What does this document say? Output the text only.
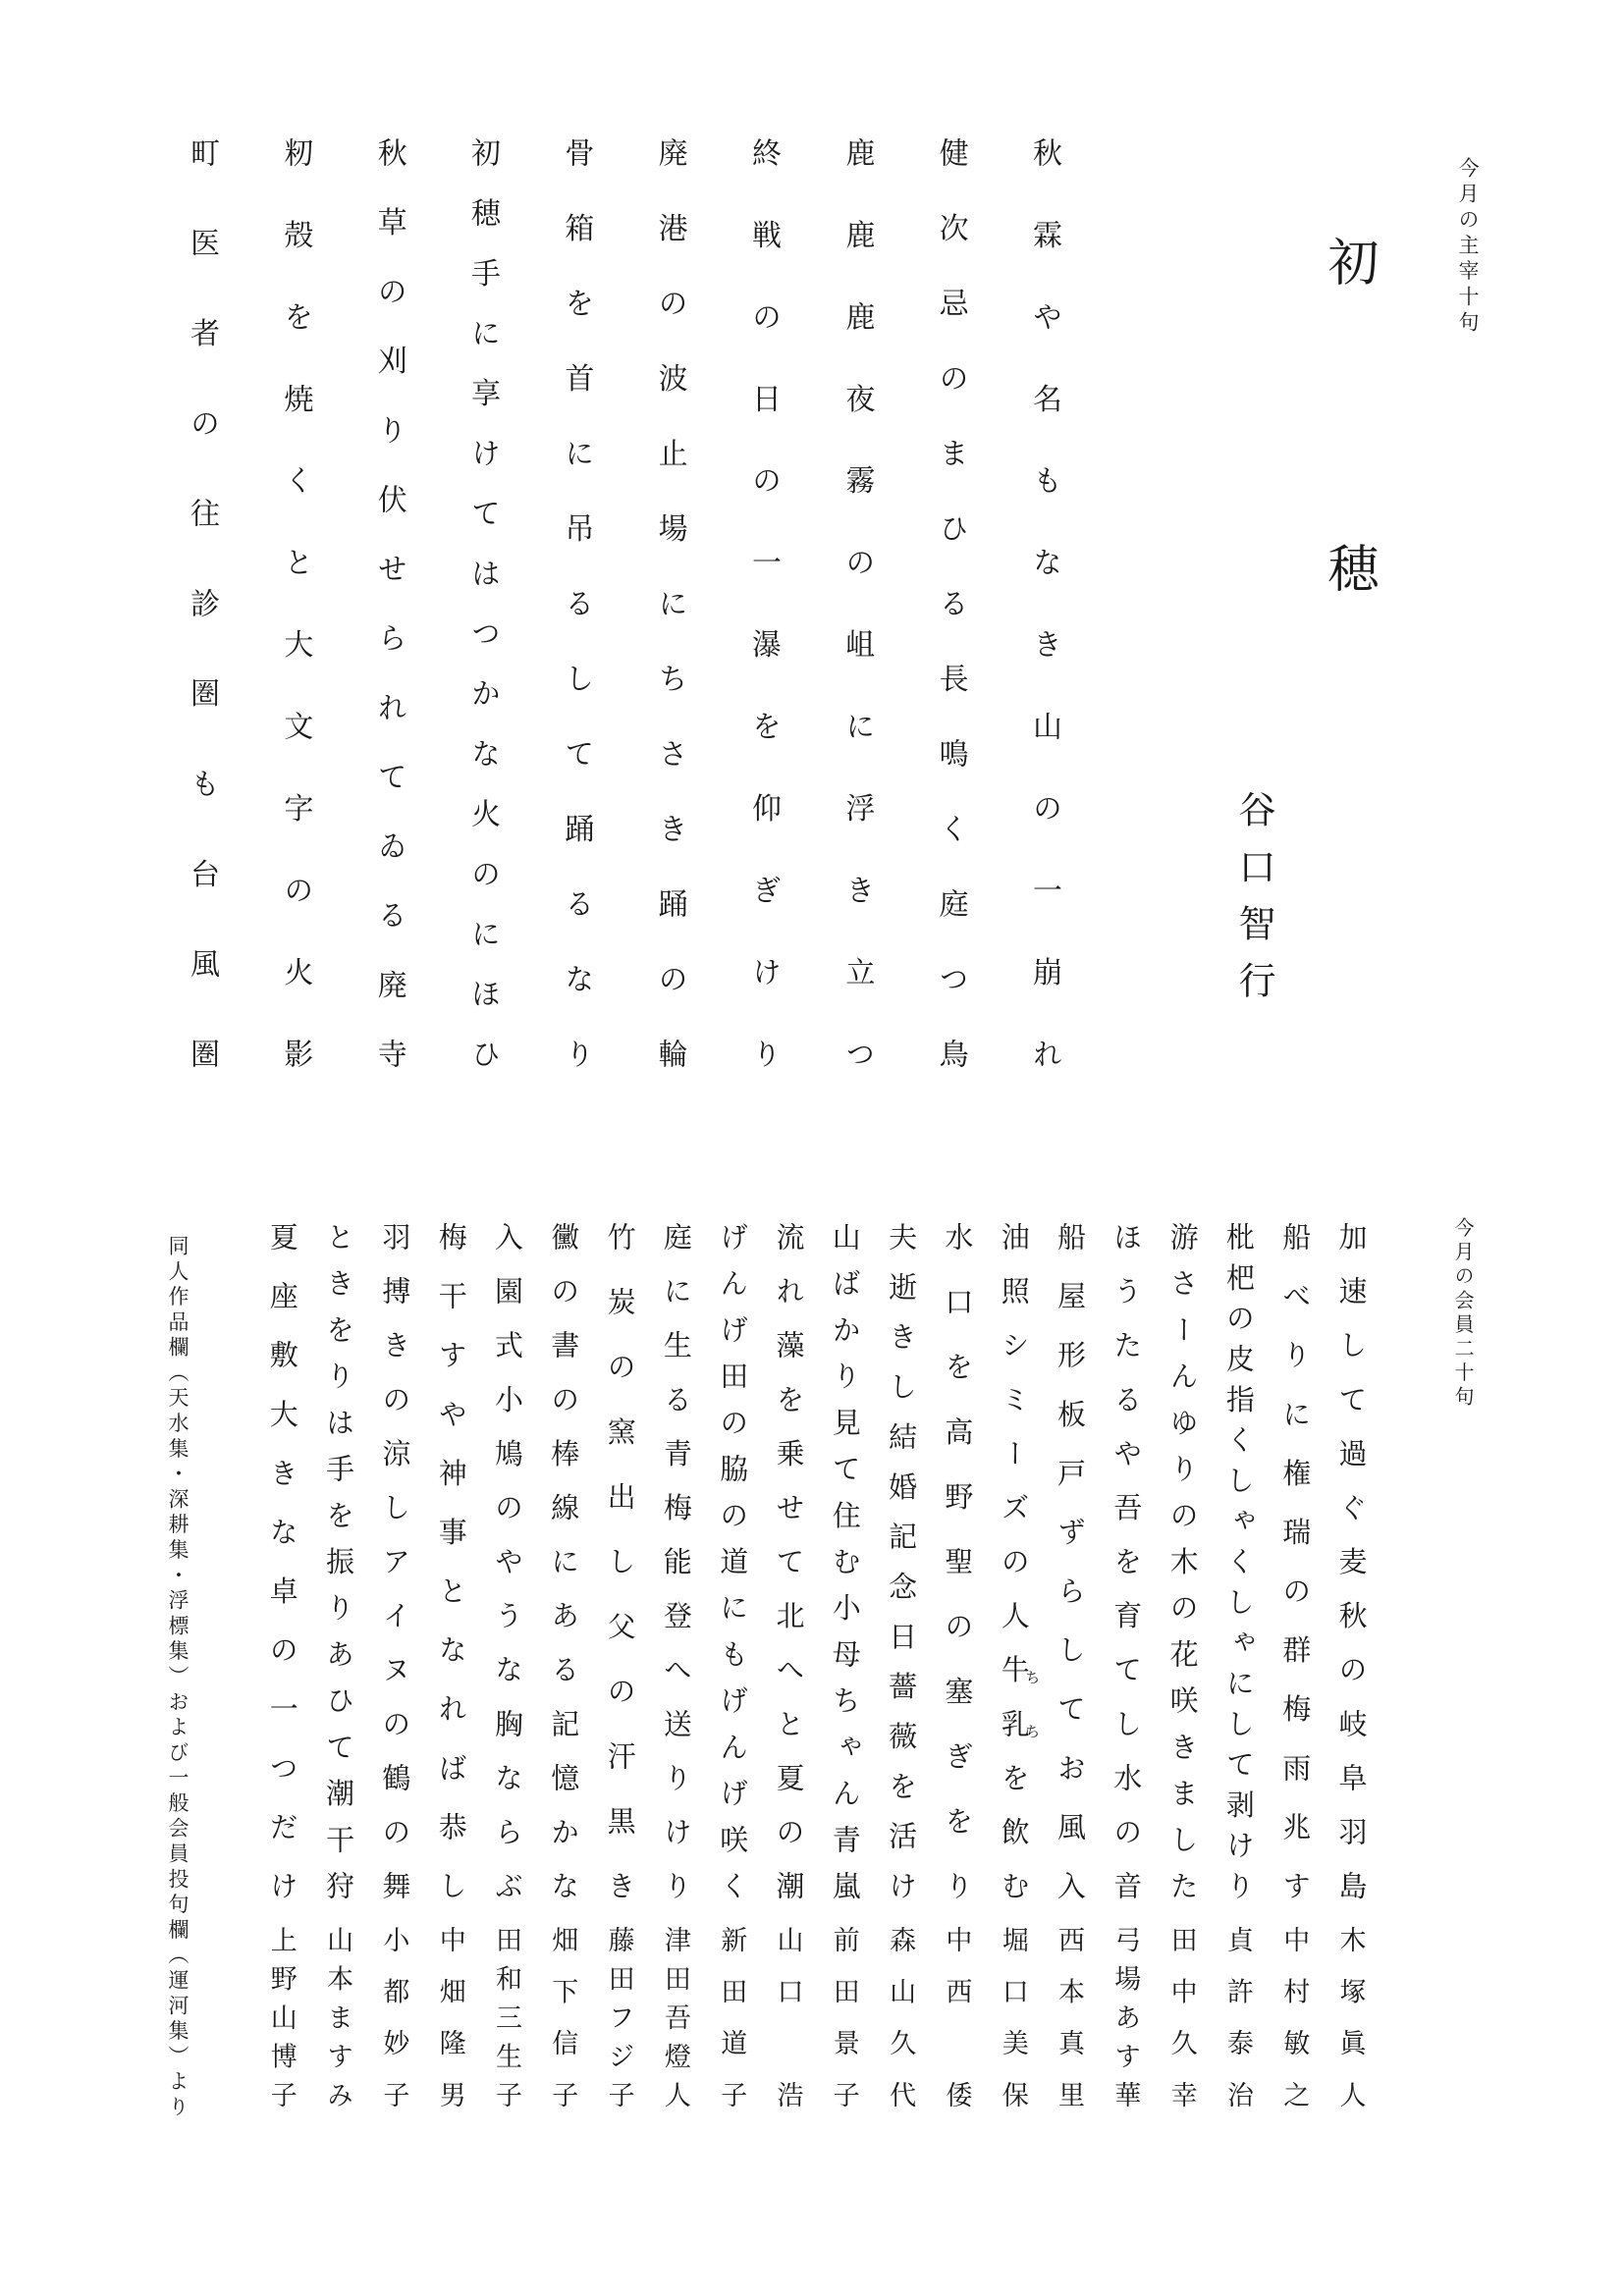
今月の主宰十句
初穂
谷口智行
今月の会員二十句
同人作品欄（天水集・深耕集・浮標集）および一般会員投句欄（運河集）より
秋霖や名もなき山の一崩れ
健次忌のまひる長鳴く庭つ鳥
鹿鹿鹿夜霧の岨に浮き立つ
終戦の日の一瀑を仰ぎけり
廃港の波止場にちさき踊の輪
骨箱を首に吊るして踊るなり
初穂手に享けてはつかな火のにほひ
秋草の刈り伏せられてゐる廃寺
籾殻を焼くと大文字の火影
町医者の往診圏も台風圏
加速して過ぐ麦秋の岐阜羽島
木塚眞人
船べりに権瑞の群梅雨兆す
中村敏之
枇杷の皮指くしゃくしゃにして剥けり
貞許泰治
游さーんゆりの木の花咲きました
田中久幸
ほうたるや吾を育てし水の音
弓場あす華
船屋形板戸ずらしてお風入
西本真里
油照シミーズの人牛乳を飲む
堀口美保
ち
ち
水口を高野聖の塞ぎをり
中西　倭
夫逝きし結婚記念日薔薇を活け
森山久代
山ばかり見て住む小母ちゃん青嵐
前田景子
流れ藻を乗せて北へと夏の潮
山口　浩
げんげ田の脇の道にもげんげ咲く
新田道子
庭に生る青梅能登へ送りけり
津田吾燈人
竹炭の窯出し父の汗黒き
藤田フジ子
黴の書の棒線にある記憶かな
畑下信子
入園式小鳩のやうな胸ならぶ
田和三生子
梅干すや神事となれば恭し
中畑隆男
羽搏きの涼しアイヌの鶴の舞
小都妙子
ときをりは手を振りあひて潮干狩
山本ますみ
夏座敷大きな卓の一つだけ
上野山博子
